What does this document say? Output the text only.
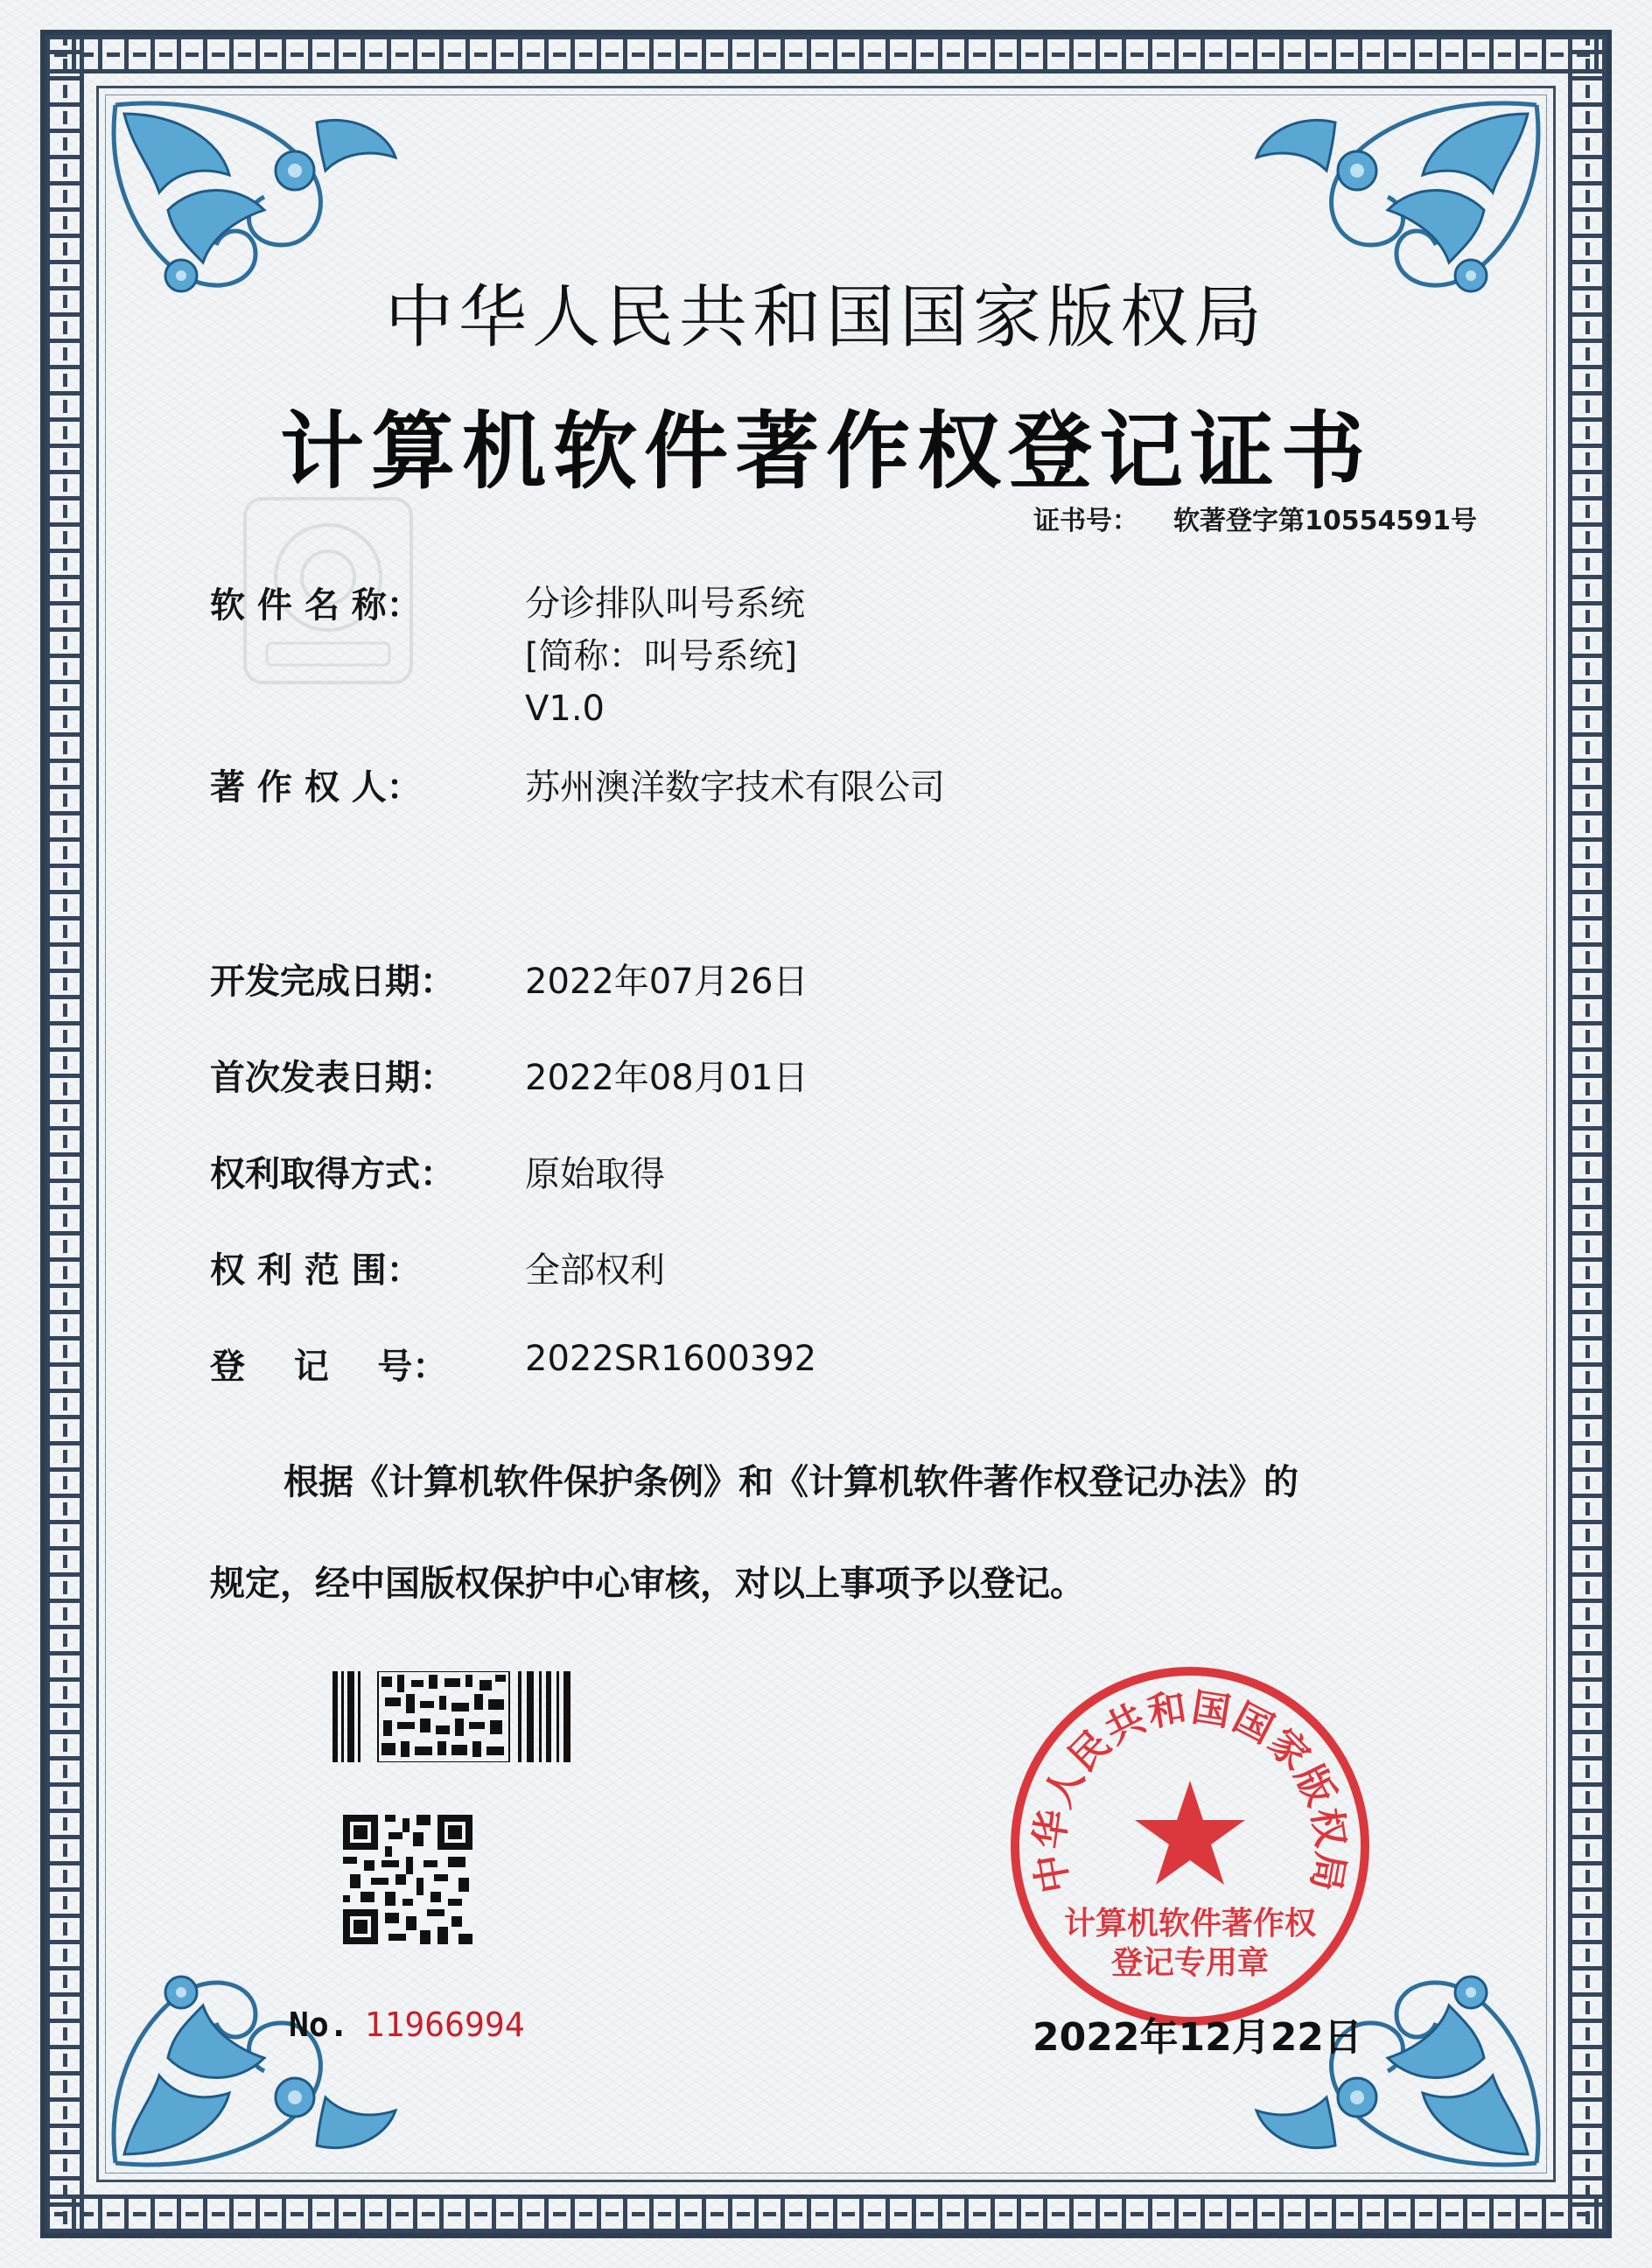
中华人民共和国国家版权局
计算机软件著作权登记证书
证书号： 软著登字第10554591号
软 件 名 称：	分诊排队叫号系统
[简称：叫号系统]
V1.0
著 作 权 人：	苏州澳洋数字技术有限公司
开发完成日期： 2022年07月26日
首次发表日期： 2022年08月01日
权利取得方式： 原始取得
权 利 范 围：	全部权利
登    记    号： 2022SR1600392
根据《计算机软件保护条例》和《计算机软件著作权登记办法》的
规定，经中国版权保护中心审核，对以上事项予以登记。
No. 11966994
中华人民共和国国家版权局
计算机软件著作权
登记专用章
2022年12月22日
